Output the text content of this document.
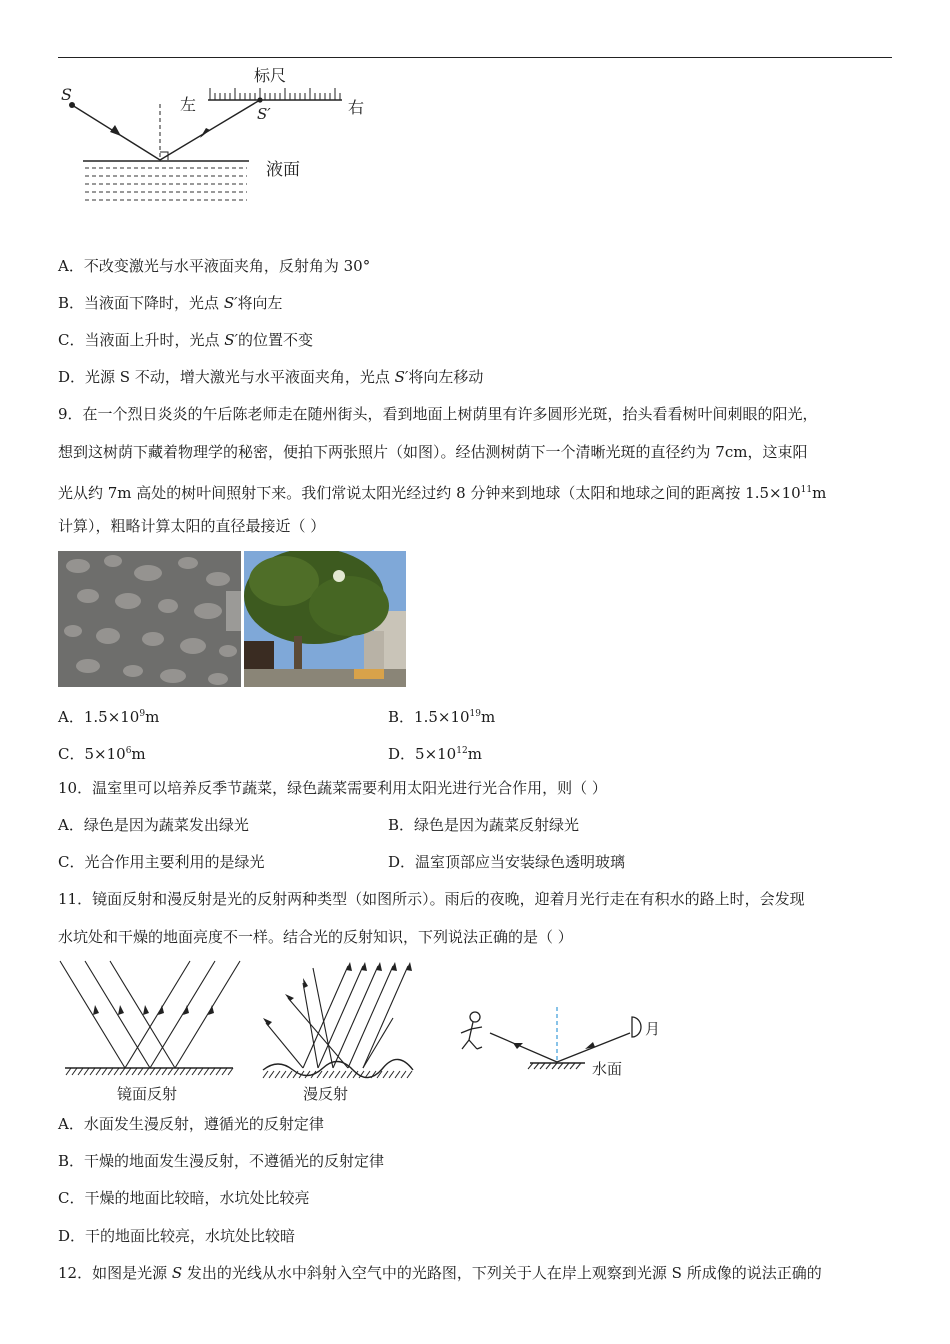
标尺
左	右
S
S′
液面
A．不改变激光与水平液面夹角，反射角为 30°
B．当液面下降时，光点 S′将向左
C．当液面上升时，光点 S′的位置不变
D．光源 S 不动，增大激光与水平液面夹角，光点 S′将向左移动
9．在一个烈日炎炎的午后陈老师走在随州街头，看到地面上树荫里有许多圆形光斑，抬头看看树叶间刺眼的阳光，
想到这树荫下藏着物理学的秘密，便拍下两张照片（如图）。经估测树荫下一个清晰光斑的直径约为 7cm，这束阳
光从约 7m 高处的树叶间照射下来。我们常说太阳光经过约 8 分钟来到地球（太阳和地球之间的距离按 $1.5\times 10^{11}m$
计算），粗略计算太阳的直径最接近（ ）
A．$1.5\times 10^9m$	B．$1.5\times 10^{19}m$
C．$5\times 10^6m$	D．$5\times 10^{12}m$
10．温室里可以培养反季节蔬菜，绿色蔬菜需要利用太阳光进行光合作用，则（ ）
A．绿色是因为蔬菜发出绿光	B．绿色是因为蔬菜反射绿光
C．光合作用主要利用的是绿光	D．温室顶部应当安装绿色透明玻璃
11．镜面反射和漫反射是光的反射两种类型（如图所示）。雨后的夜晚，迎着月光行走在有积水的路上时，会发现
水坑处和干燥的地面亮度不一样。结合光的反射知识，下列说法正确的是（ ）
镜面反射	漫反射
月
水面
A．水面发生漫反射，遵循光的反射定律
B．干燥的地面发生漫反射，不遵循光的反射定律
C．干燥的地面比较暗，水坑处比较亮
D．干的地面比较亮，水坑处比较暗
12．如图是光源 S 发出的光线从水中斜射入空气中的光路图，下列关于人在岸上观察到光源 S 所成像的说法正确的
